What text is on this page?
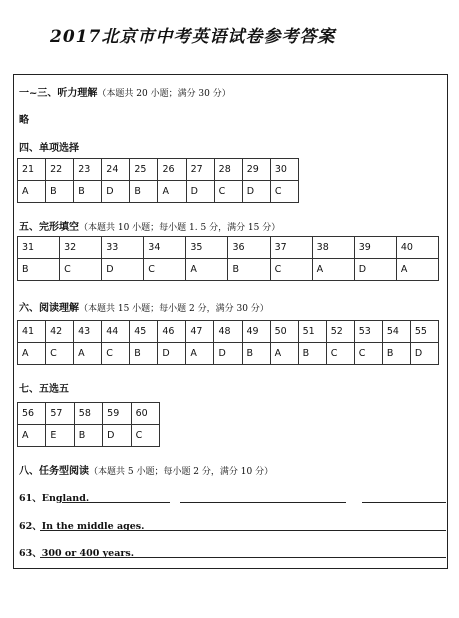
2017北京市中考英语试卷参考答案
一~三、听力理解（本题共 20 小题；满分 30 分）
略
四、单项选择
21	22	23	24	25	26	27	28	29	30
A	B	B	D	B	A	D	C	D	C
五、完形填空（本题共 10 小题；每小题 1. 5 分，满分 15 分）
31	32	33	34	35	36	37	38	39	40
B	C	D	C	A	B	C	A	D	A
六、阅读理解（本题共 15 小题；每小题 2 分，满分 30 分）
41	42	43	44	45	46	47	48	49	50	51	52	53	54	55
A	C	A	C	B	D	A	D	B	A	B	C	C	B	D
七、五选五
56	57	58	59	60
A	E	B	D	C
八、任务型阅读（本题共 5 小题；每小题 2 分，满分 10 分）
61、England.
62、In the middle ages.
63、300 or 400 years.
